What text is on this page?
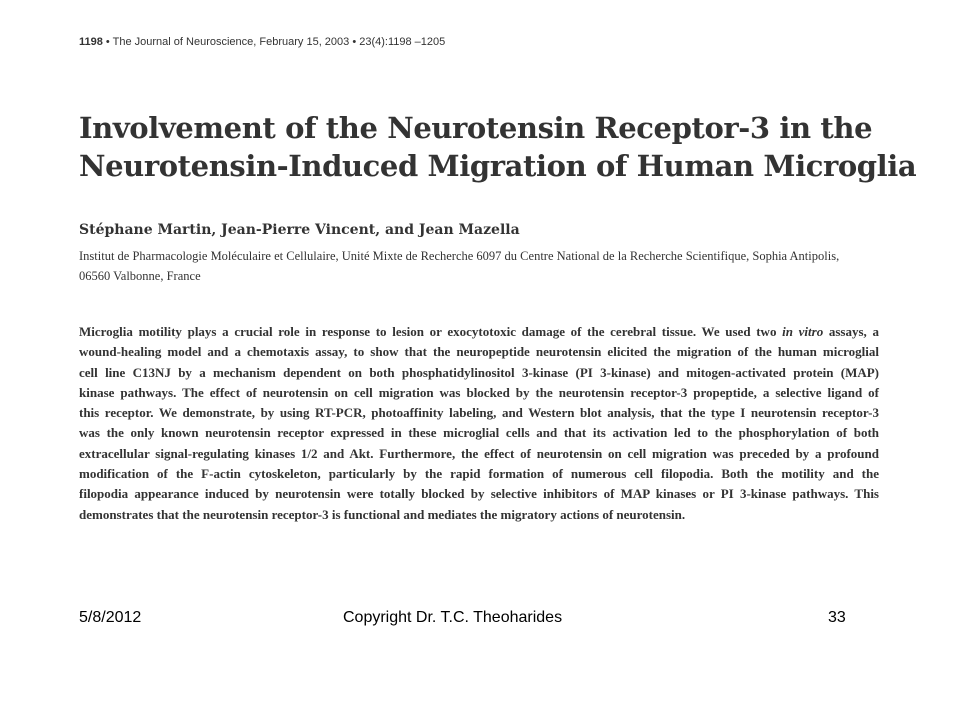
1198 • The Journal of Neuroscience, February 15, 2003 • 23(4):1198 –1205
Involvement of the Neurotensin Receptor-3 in the
Neurotensin-Induced Migration of Human Microglia
Stéphane Martin, Jean-Pierre Vincent, and Jean Mazella
Institut de Pharmacologie Moléculaire et Cellulaire, Unité Mixte de Recherche 6097 du Centre National de la Recherche Scientifique, Sophia Antipolis,
06560 Valbonne, France
Microglia motility plays a crucial role in response to lesion or exocytotoxic damage of the cerebral tissue. We used two in vitro assays, a
wound-healing model and a chemotaxis assay, to show that the neuropeptide neurotensin elicited the migration of the human microglial
cell line C13NJ by a mechanism dependent on both phosphatidylinositol 3-kinase (PI 3-kinase) and mitogen-activated protein (MAP)
kinase pathways. The effect of neurotensin on cell migration was blocked by the neurotensin receptor-3 propeptide, a selective ligand of
this receptor. We demonstrate, by using RT-PCR, photoaffinity labeling, and Western blot analysis, that the type I neurotensin receptor-3
was the only known neurotensin receptor expressed in these microglial cells and that its activation led to the phosphorylation of both
extracellular signal-regulating kinases 1/2 and Akt. Furthermore, the effect of neurotensin on cell migration was preceded by a profound
modification of the F-actin cytoskeleton, particularly by the rapid formation of numerous cell filopodia. Both the motility and the
filopodia appearance induced by neurotensin were totally blocked by selective inhibitors of MAP kinases or PI 3-kinase pathways. This
demonstrates that the neurotensin receptor-3 is functional and mediates the migratory actions of neurotensin.
5/8/2012	Copyright Dr. T.C. Theoharides	33
